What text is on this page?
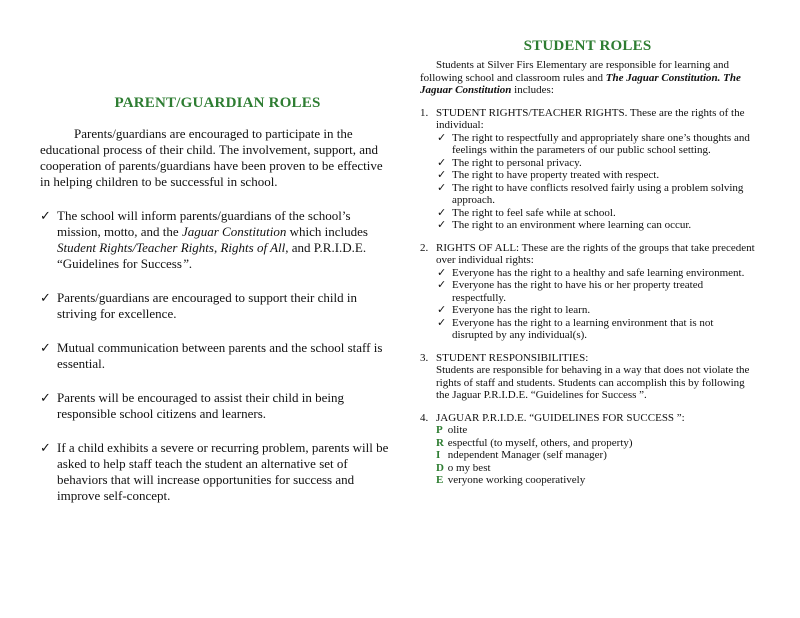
PARENT/GUARDIAN ROLES
Parents/guardians are encouraged to participate in the educational process of their child. The involvement, support, and cooperation of parents/guardians have been proven to be effective in helping children to be successful in school.
✓ The school will inform parents/guardians of the school’s mission, motto, and the Jaguar Constitution which includes Student Rights/Teacher Rights, Rights of All, and P.R.I.D.E. “Guidelines for Success”.
✓ Parents/guardians are encouraged to support their child in striving for excellence.
✓ Mutual communication between parents and the school staff is essential.
✓ Parents will be encouraged to assist their child in being responsible school citizens and learners.
✓ If a child exhibits a severe or recurring problem, parents will be asked to help staff teach the student an alternative set of behaviors that will increase opportunities for success and improve self-concept.
STUDENT ROLES
Students at Silver Firs Elementary are responsible for learning and following school and classroom rules and The Jaguar Constitution. The Jaguar Constitution includes:
1. STUDENT RIGHTS/TEACHER RIGHTS. These are the rights of the individual:
✓ The right to respectfully and appropriately share one’s thoughts and feelings within the parameters of our public school setting.
✓ The right to personal privacy.
✓ The right to have property treated with respect.
✓ The right to have conflicts resolved fairly using a problem solving approach.
✓ The right to feel safe while at school.
✓ The right to an environment where learning can occur.
2. RIGHTS OF ALL: These are the rights of the groups that take precedent over individual rights:
✓ Everyone has the right to a healthy and safe learning environment.
✓ Everyone has the right to have his or her property treated respectfully.
✓ Everyone has the right to learn.
✓ Everyone has the right to a learning environment that is not disrupted by any individual(s).
3. STUDENT RESPONSIBILITIES:
Students are responsible for behaving in a way that does not violate the rights of staff and students. Students can accomplish this by following the Jaguar P.R.I.D.E. “Guidelines for Success ”.
4. JAGUAR P.R.I.D.E. “GUIDELINES FOR SUCCESS ”:
P olite
R espectful (to myself, others, and property)
I ndependent Manager (self manager)
D o my best
E veryone working cooperatively
